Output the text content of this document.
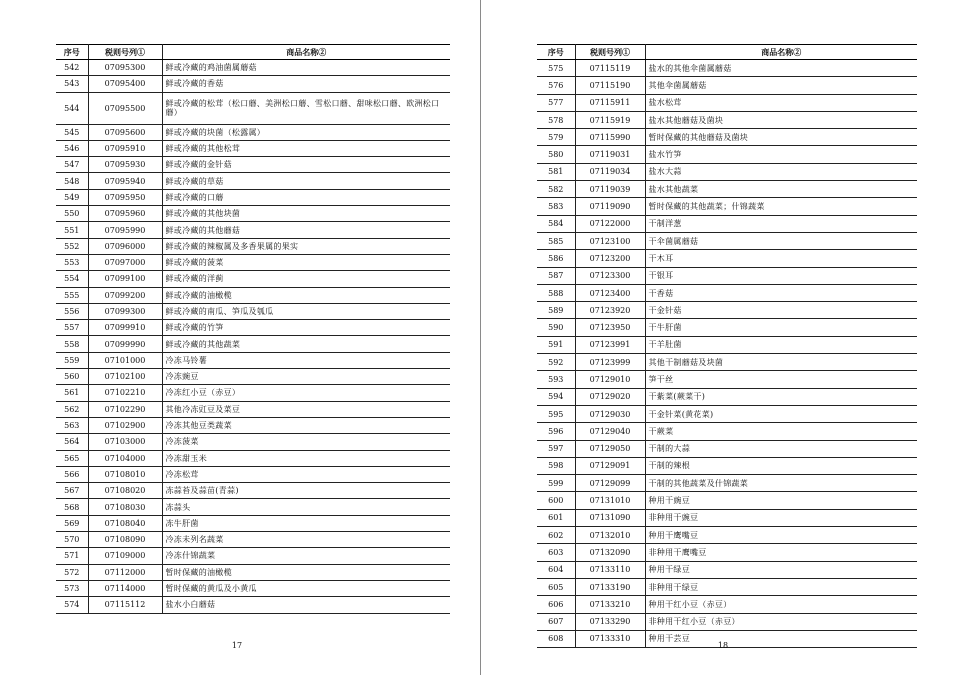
序号	税则号列①	商品名称②
542	07095300	鲜或冷藏的鸡油菌属蘑菇
543	07095400	鲜或冷藏的香菇
544	07095500	鲜或冷藏的松茸（松口蘑、美洲松口蘑、雪松口蘑、甜味松口蘑、欧洲松口蘑）
545	07095600	鲜或冷藏的块菌（松露属）
546	07095910	鲜或冷藏的其他松茸
547	07095930	鲜或冷藏的金针菇
548	07095940	鲜或冷藏的草菇
549	07095950	鲜或冷藏的口蘑
550	07095960	鲜或冷藏的其他块菌
551	07095990	鲜或冷藏的其他蘑菇
552	07096000	鲜或冷藏的辣椒属及多香果属的果实
553	07097000	鲜或冷藏的菠菜
554	07099100	鲜或冷藏的洋蓟
555	07099200	鲜或冷藏的油橄榄
556	07099300	鲜或冷藏的南瓜、笋瓜及瓠瓜
557	07099910	鲜或冷藏的竹笋
558	07099990	鲜或冷藏的其他蔬菜
559	07101000	冷冻马铃薯
560	07102100	冷冻豌豆
561	07102210	冷冻红小豆（赤豆）
562	07102290	其他冷冻豇豆及菜豆
563	07102900	冷冻其他豆类蔬菜
564	07103000	冷冻菠菜
565	07104000	冷冻甜玉米
566	07108010	冷冻松茸
567	07108020	冻蒜苔及蒜苗(青蒜)
568	07108030	冻蒜头
569	07108040	冻牛肝菌
570	07108090	冷冻未列名蔬菜
571	07109000	冷冻什锦蔬菜
572	07112000	暂时保藏的油橄榄
573	07114000	暂时保藏的黄瓜及小黄瓜
574	07115112	盐水小白蘑菇
17
序号	税则号列①	商品名称②
575	07115119	盐水的其他伞菌属蘑菇
576	07115190	其他伞菌属蘑菇
577	07115911	盐水松茸
578	07115919	盐水其他蘑菇及菌块
579	07115990	暂时保藏的其他蘑菇及菌块
580	07119031	盐水竹笋
581	07119034	盐水大蒜
582	07119039	盐水其他蔬菜
583	07119090	暂时保藏的其他蔬菜；什锦蔬菜
584	07122000	干制洋葱
585	07123100	干伞菌属蘑菇
586	07123200	干木耳
587	07123300	干银耳
588	07123400	干香菇
589	07123920	干金针菇
590	07123950	干牛肝菌
591	07123991	干羊肚菌
592	07123999	其他干制蘑菇及块菌
593	07129010	笋干丝
594	07129020	干紫菜(蕨菜干)
595	07129030	干金针菜(黄花菜)
596	07129040	干蕨菜
597	07129050	干制的大蒜
598	07129091	干制的辣根
599	07129099	干制的其他蔬菜及什锦蔬菜
600	07131010	种用干豌豆
601	07131090	非种用干豌豆
602	07132010	种用干鹰嘴豆
603	07132090	非种用干鹰嘴豆
604	07133110	种用干绿豆
605	07133190	非种用干绿豆
606	07133210	种用干红小豆（赤豆）
607	07133290	非种用干红小豆（赤豆）
608	07133310	种用干芸豆
18
